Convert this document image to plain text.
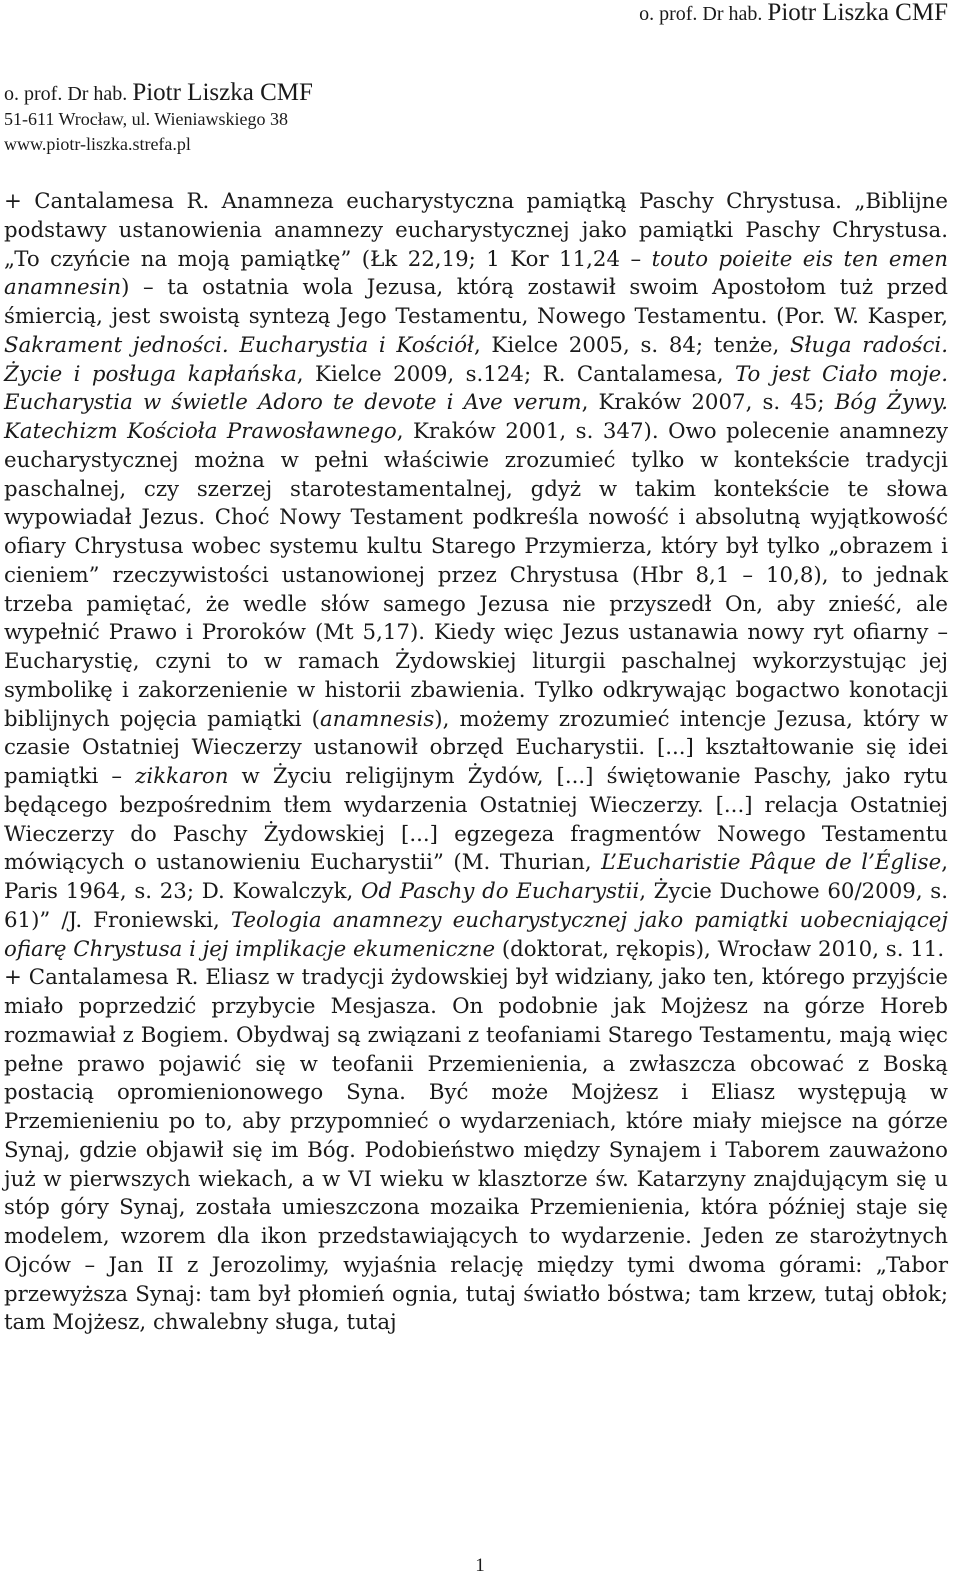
o. prof. Dr hab. Piotr Liszka CMF
o. prof. Dr hab. Piotr Liszka CMF
51-611 Wrocław, ul. Wieniawskiego 38
www.piotr-liszka.strefa.pl

+ Cantalamesa R. Anamneza eucharystyczna pamiątką Paschy Chrystusa. „Biblijne podstawy ustanowienia anamnezy eucharystycznej jako pamiątki Paschy Chrystusa. „To czyńcie na moją pamiątkę” (Łk 22,19; 1 Kor 11,24 – touto poieite eis ten emen anamnesin) – ta ostatnia wola Jezusa, którą zostawił swoim Apostołom tuż przed śmiercią, jest swoistą syntezą Jego Testamentu, Nowego Testamentu. (Por. W. Kasper, Sakrament jedności. Eucharystia i Kościół, Kielce 2005, s. 84; tenże, Sługa radości. Życie i posługa kapłańska, Kielce 2009, s.124; R. Cantalamesa, To jest Ciało moje. Eucharystia w świetle Adoro te devote i Ave verum, Kraków 2007, s. 45; Bóg Żywy. Katechizm Kościoła Prawosławnego, Kraków 2001, s. 347). Owo polecenie anamnezy eucharystycznej można w pełni właściwie zrozumieć tylko w kontekście tradycji paschalnej, czy szerzej starotestamentalnej, gdyż w takim kontekście te słowa wypowiadał Jezus. Choć Nowy Testament podkreśla nowość i absolutną wyjątkowość ofiary Chrystusa wobec systemu kultu Starego Przymierza, który był tylko „obrazem i cieniem” rzeczywistości ustanowionej przez Chrystusa (Hbr 8,1 – 10,8), to jednak trzeba pamiętać, że wedle słów samego Jezusa nie przyszedł On, aby znieść, ale wypełnić Prawo i Proroków (Mt 5,17). Kiedy więc Jezus ustanawia nowy ryt ofiarny – Eucharystię, czyni to w ramach Żydowskiej liturgii paschalnej wykorzystując jej symbolikę i zakorzenienie w historii zbawienia. Tylko odkrywając bogactwo konotacji biblijnych pojęcia pamiątki (anamnesis), możemy zrozumieć intencje Jezusa, który w czasie Ostatniej Wieczerzy ustanowił obrzęd Eucharystii. [...] kształtowanie się idei pamiątki – zikkaron w Życiu religijnym Żydów, [...] świętowanie Paschy, jako rytu będącego bezpośrednim tłem wydarzenia Ostatniej Wieczerzy. [...] relacja Ostatniej Wieczerzy do Paschy Żydowskiej [...] egzegeza fragmentów Nowego Testamentu mówiących o ustanowieniu Eucharystii” (M. Thurian, L’Eucharistie Pâque de l’Église, Paris 1964, s. 23; D. Kowalczyk, Od Paschy do Eucharystii, Życie Duchowe 60/2009, s. 61)” /J. Froniewski, Teologia anamnezy eucharystycznej jako pamiątki uobecniającej ofiarę Chrystusa i jej implikacje ekumeniczne (doktorat, rękopis), Wrocław 2010, s. 11.

+ Cantalamesa R. Eliasz w tradycji żydowskiej był widziany, jako ten, którego przyjście miało poprzedzić przybycie Mesjasza. On podobnie jak Mojżesz na górze Horeb rozmawiał z Bogiem. Obydwaj są związani z teofaniami Starego Testamentu, mają więc pełne prawo pojawić się w teofanii Przemienienia, a zwłaszcza obcować z Boską postacią opromienionowego Syna. Być może Mojżesz i Eliasz występują w Przemienieniu po to, aby przypomnieć o wydarzeniach, które miały miejsce na górze Synaj, gdzie objawił się im Bóg. Podobieństwo między Synajem i Taborem zauważono już w pierwszych wiekach, a w VI wieku w klasztorze św. Katarzyny znajdującym się u stóp góry Synaj, została umieszczona mozaika Przemienienia, która później staje się modelem, wzorem dla ikon przedstawiających to wydarzenie. Jeden ze starożytnych Ojców – Jan II z Jerozolimy, wyjaśnia relację między tymi dwoma górami: „Tabor przewyższa Synaj: tam był płomień ognia, tutaj światło bóstwa; tam krzew, tutaj obłok; tam Mojżesz, chwalebny sługa, tutaj

1
